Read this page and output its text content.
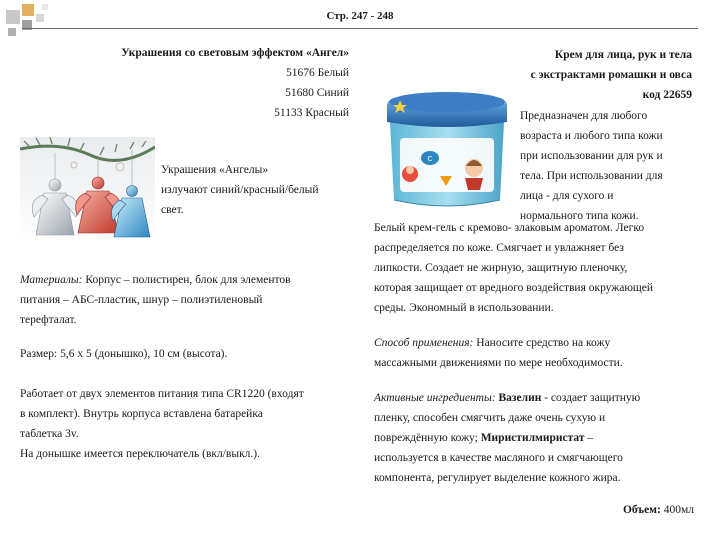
Стр. 247 - 248
Украшения со световым эффектом «Ангел»
51676 Белый
51680 Синий
51133 Красный
Украшения «Ангелы»
излучают синий/красный/белый
свет.
Материалы: Корпус – полистирен, блок для элементов
питания – АБС-пластик, шнур – полиэтиленовый
терефталат.
Размер: 5,6 х 5 (донышко), 10 см (высота).
Работает от двух элементов питания типа CR1220 (входят
в комплект). Внутрь корпуса вставлена батарейка
таблетка 3v.
На донышке имеется переключатель (вкл/выкл.).
Крем для лица, рук и тела
с экстрактами ромашки и овса
код 22659
C
Предназначен для любого
возраста и любого типа кожи
при использовании для рук и
тела. При использовании для
лица - для сухого и
нормального типа кожи.
Белый крем-гель с кремово- злаковым ароматом. Легко
распределяется по коже. Смягчает и увлажняет без
липкости. Создает не жирную, защитную пленочку,
которая защищает от вредного воздействия окружающей
среды. Экономный в использовании.
Способ применения: Наносите средство на кожу
массажными движениями по мере необходимости.
Активные ингредиенты: Вазелин - создает защитную
пленку, способен смягчить даже очень сухую и
повреждённую кожу; Миристилмиристат –
используется в качестве масляного и смягчающего
компонента, регулирует выделение кожного жира.
Объем: 400мл
